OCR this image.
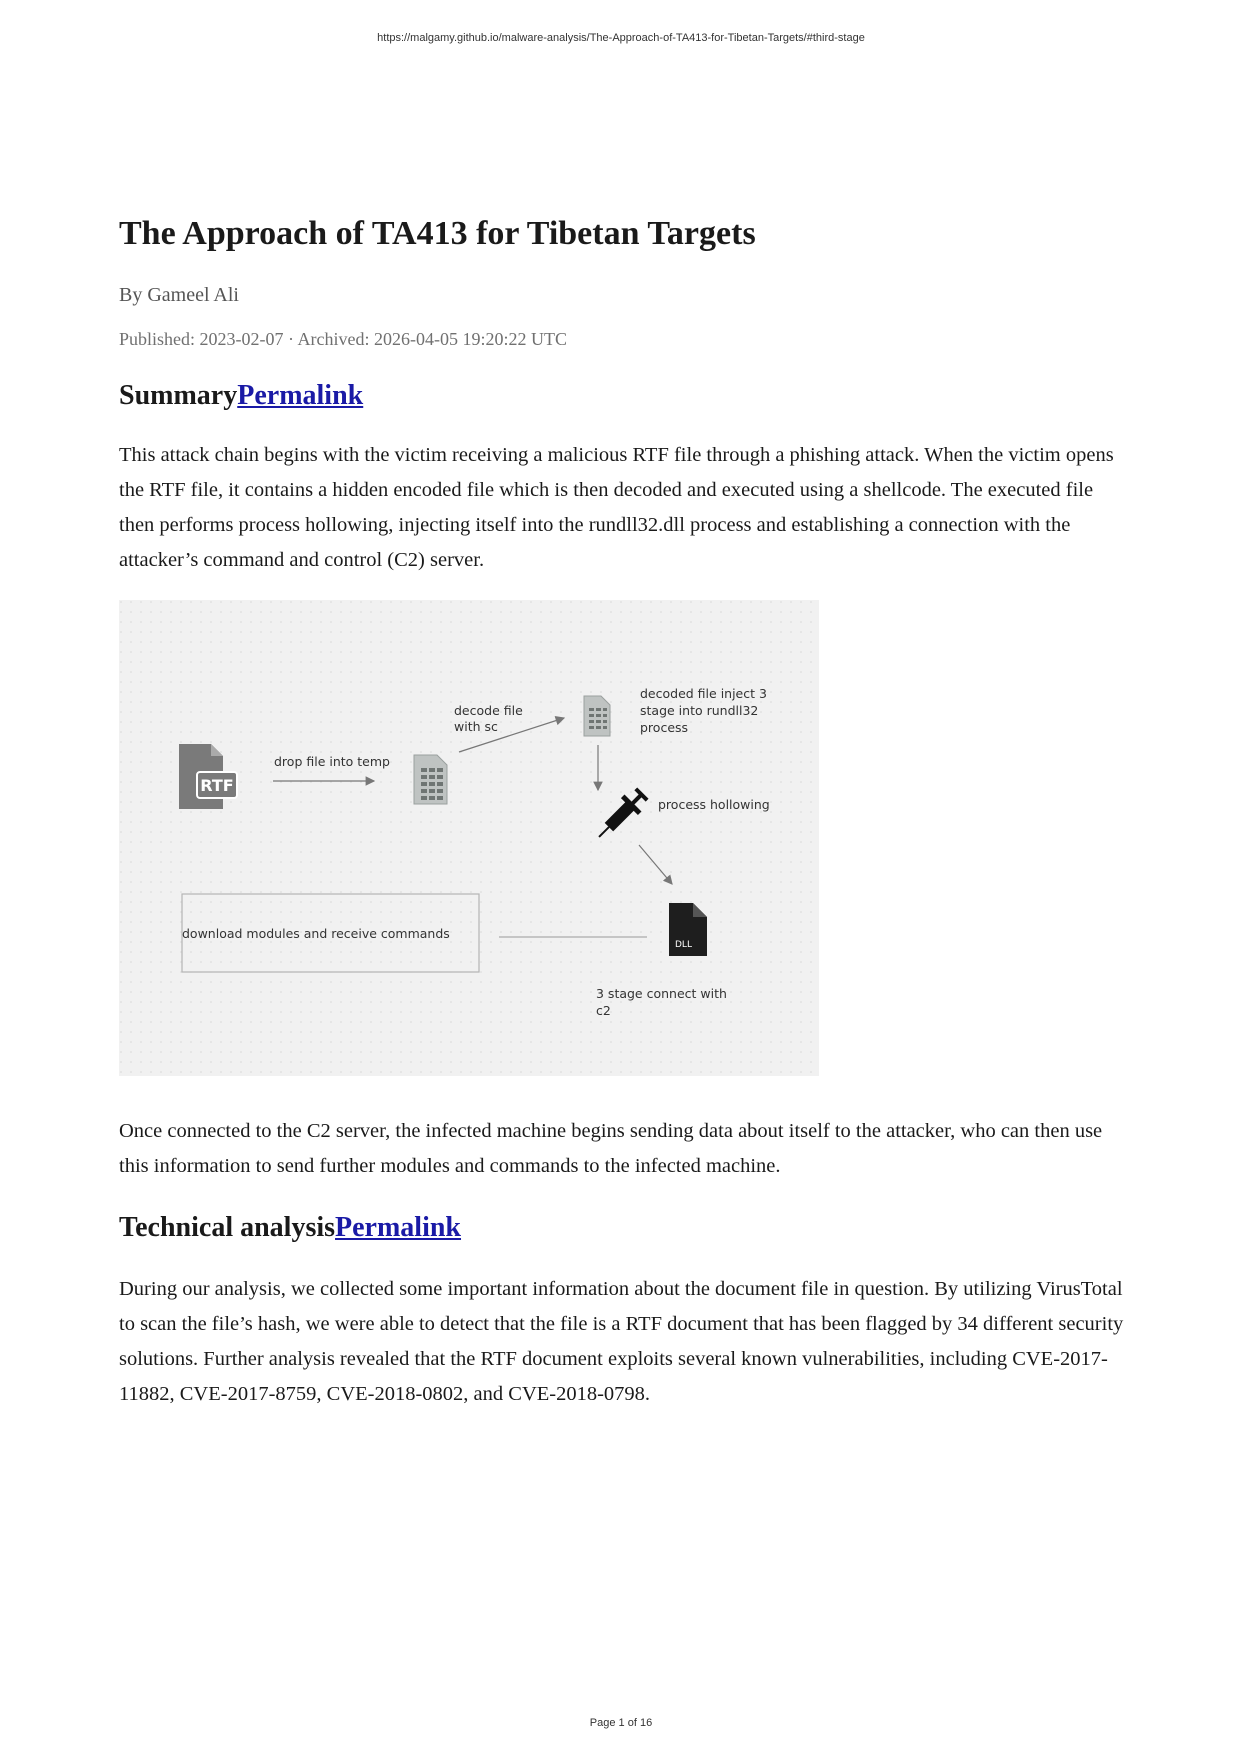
https://malgamy.github.io/malware-analysis/The-Approach-of-TA413-for-Tibetan-Targets/#third-stage
The Approach of TA413 for Tibetan Targets
By Gameel Ali
Published: 2023-02-07 · Archived: 2026-04-05 19:20:22 UTC
SummaryPermalink

This attack chain begins with the victim receiving a malicious RTF file through a phishing attack. When the victim opens the RTF file, it contains a hidden encoded file which is then decoded and executed using a shellcode. The executed file then performs process hollowing, injecting itself into the rundll32.dll process and establishing a connection with the attacker’s command and control (C2) server.

RTF
drop file into temp
decode file
with sc
decoded file inject 3
stage into rundll32
process
process hollowing
DLL
download modules and receive commands
3 stage connect with
c2

Once connected to the C2 server, the infected machine begins sending data about itself to the attacker, who can then use this information to send further modules and commands to the infected machine.

Technical analysisPermalink

During our analysis, we collected some important information about the document file in question. By utilizing VirusTotal to scan the file’s hash, we were able to detect that the file is a RTF document that has been flagged by 34 different security solutions. Further analysis revealed that the RTF document exploits several known vulnerabilities, including CVE-2017-11882, CVE-2017-8759, CVE-2018-0802, and CVE-2018-0798.

Page 1 of 16
